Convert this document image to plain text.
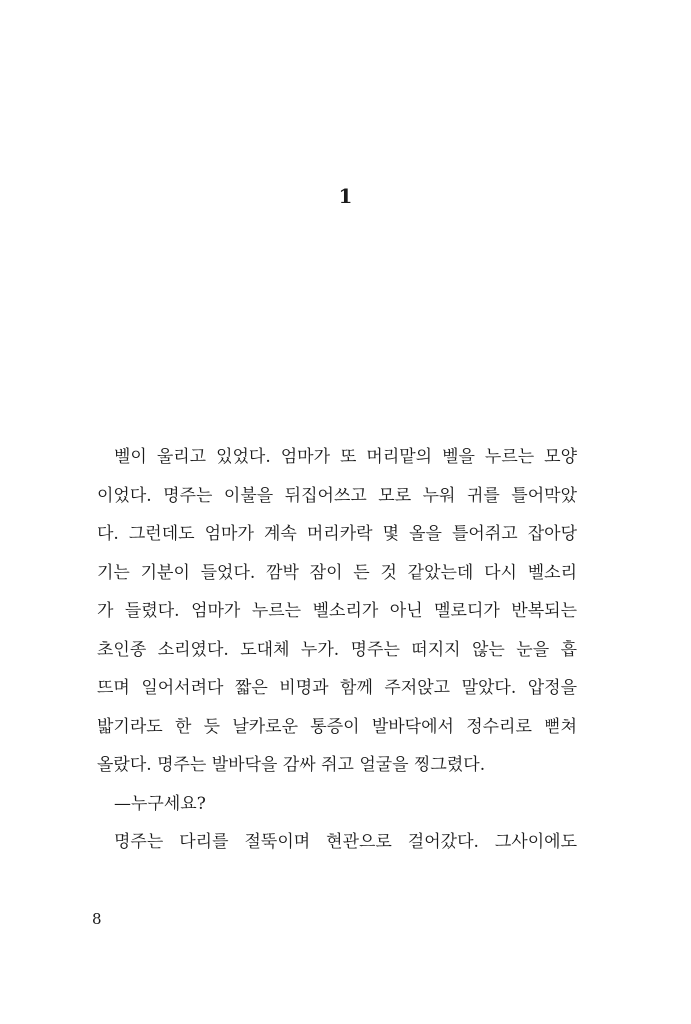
1
벨이 울리고 있었다. 엄마가 또 머리맡의 벨을 누르는 모양
이었다. 명주는 이불을 뒤집어쓰고 모로 누워 귀를 틀어막았
다. 그런데도 엄마가 계속 머리카락 몇 올을 틀어쥐고 잡아당
기는 기분이 들었다. 깜박 잠이 든 것 같았는데 다시 벨소리
가 들렸다. 엄마가 누르는 벨소리가 아닌 멜로디가 반복되는
초인종 소리였다. 도대체 누가. 명주는 떠지지 않는 눈을 흡
뜨며 일어서려다 짧은 비명과 함께 주저앉고 말았다. 압정을
밟기라도 한 듯 날카로운 통증이 발바닥에서 정수리로 뻗쳐
올랐다. 명주는 발바닥을 감싸 쥐고 얼굴을 찡그렸다.
—누구세요?
명주는 다리를 절뚝이며 현관으로 걸어갔다. 그사이에도
8
